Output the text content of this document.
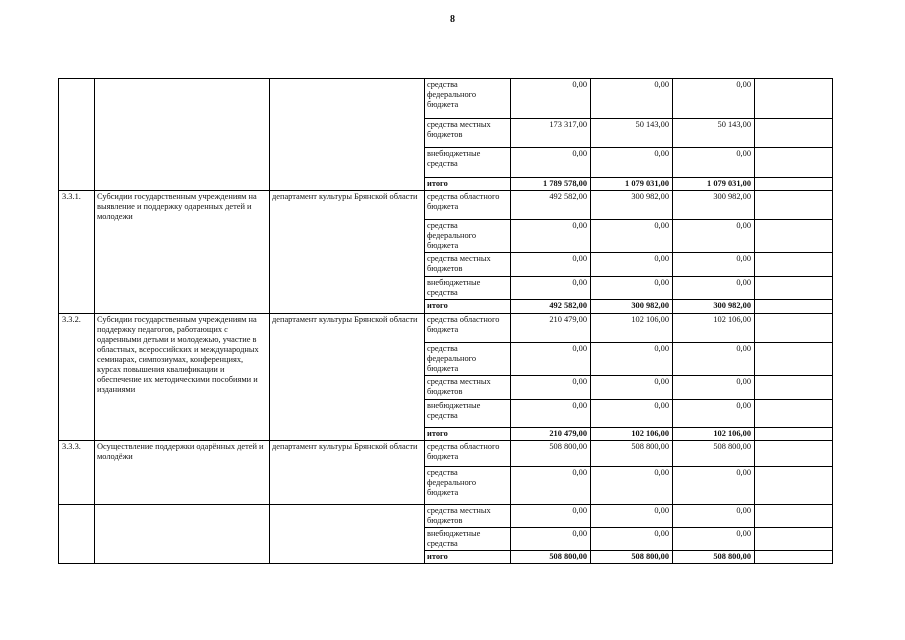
8
			средства федерального бюджета	0,00	0,00	0,00	
			средства местных бюджетов	173 317,00	50 143,00	50 143,00	
			внебюджетные средства	0,00	0,00	0,00	
			итого	1 789 578,00	1 079 031,00	1 079 031,00	
3.3.1.	Субсидии государственным учреждениям на выявление и поддержку одаренных детей и молодежи	департамент культуры Брянской области	средства областного бюджета	492 582,00	300 982,00	300 982,00	
			средства федерального бюджета	0,00	0,00	0,00	
			средства местных бюджетов	0,00	0,00	0,00	
			внебюджетные средства	0,00	0,00	0,00	
			итого	492 582,00	300 982,00	300 982,00	
3.3.2.	Субсидии государственным учреждениям на поддержку педагогов, работающих с одаренными детьми и молодежью, участие в областных, всероссийских и международных семинарах, симпозиумах, конференциях, курсах повышения квалификации и обеспечение их методическими пособиями и изданиями	департамент культуры Брянской области	средства областного бюджета	210 479,00	102 106,00	102 106,00	
			средства федерального бюджета	0,00	0,00	0,00	
			средства местных бюджетов	0,00	0,00	0,00	
			внебюджетные средства	0,00	0,00	0,00	
			итого	210 479,00	102 106,00	102 106,00	
3.3.3.	Осуществление поддержки одарённых детей и молодёжи	департамент культуры Брянской области	средства областного бюджета	508 800,00	508 800,00	508 800,00	
			средства федерального бюджета	0,00	0,00	0,00	
			средства местных бюджетов	0,00	0,00	0,00	
			внебюджетные средства	0,00	0,00	0,00	
			итого	508 800,00	508 800,00	508 800,00	
